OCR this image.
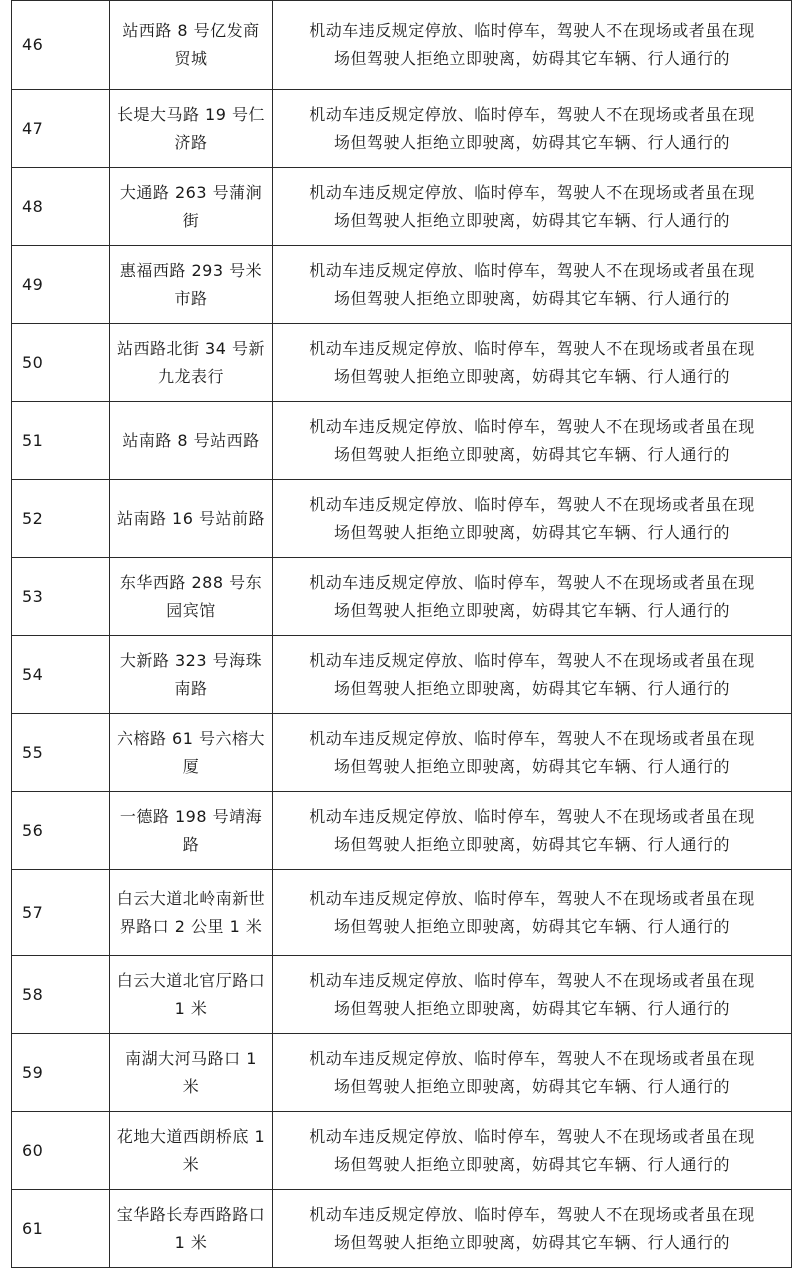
46	站西路 8 号亿发商贸城	机动车违反规定停放、临时停车，驾驶人不在现场或者虽在现
场但驾驶人拒绝立即驶离，妨碍其它车辆、行人通行的

47	长堤大马路 19 号仁济路	机动车违反规定停放、临时停车，驾驶人不在现场或者虽在现
场但驾驶人拒绝立即驶离，妨碍其它车辆、行人通行的

48	大通路 263 号蒲涧街	机动车违反规定停放、临时停车，驾驶人不在现场或者虽在现
场但驾驶人拒绝立即驶离，妨碍其它车辆、行人通行的

49	惠福西路 293 号米市路	机动车违反规定停放、临时停车，驾驶人不在现场或者虽在现
场但驾驶人拒绝立即驶离，妨碍其它车辆、行人通行的

50	站西路北街 34 号新九龙表行	机动车违反规定停放、临时停车，驾驶人不在现场或者虽在现
场但驾驶人拒绝立即驶离，妨碍其它车辆、行人通行的

51	站南路 8 号站西路	机动车违反规定停放、临时停车，驾驶人不在现场或者虽在现
场但驾驶人拒绝立即驶离，妨碍其它车辆、行人通行的

52	站南路 16 号站前路	机动车违反规定停放、临时停车，驾驶人不在现场或者虽在现
场但驾驶人拒绝立即驶离，妨碍其它车辆、行人通行的

53	东华西路 288 号东园宾馆	机动车违反规定停放、临时停车，驾驶人不在现场或者虽在现
场但驾驶人拒绝立即驶离，妨碍其它车辆、行人通行的

54	大新路 323 号海珠南路	机动车违反规定停放、临时停车，驾驶人不在现场或者虽在现
场但驾驶人拒绝立即驶离，妨碍其它车辆、行人通行的

55	六榕路 61 号六榕大厦	机动车违反规定停放、临时停车，驾驶人不在现场或者虽在现
场但驾驶人拒绝立即驶离，妨碍其它车辆、行人通行的

56	一德路 198 号靖海路	机动车违反规定停放、临时停车，驾驶人不在现场或者虽在现
场但驾驶人拒绝立即驶离，妨碍其它车辆、行人通行的

57	白云大道北岭南新世界路口 2 公里 1 米	机动车违反规定停放、临时停车，驾驶人不在现场或者虽在现
场但驾驶人拒绝立即驶离，妨碍其它车辆、行人通行的

58	白云大道北官厅路口 1 米	机动车违反规定停放、临时停车，驾驶人不在现场或者虽在现
场但驾驶人拒绝立即驶离，妨碍其它车辆、行人通行的

59	南湖大河马路口 1 米	机动车违反规定停放、临时停车，驾驶人不在现场或者虽在现
场但驾驶人拒绝立即驶离，妨碍其它车辆、行人通行的

60	花地大道西朗桥底 1 米	机动车违反规定停放、临时停车，驾驶人不在现场或者虽在现
场但驾驶人拒绝立即驶离，妨碍其它车辆、行人通行的

61	宝华路长寿西路路口 1 米	机动车违反规定停放、临时停车，驾驶人不在现场或者虽在现
场但驾驶人拒绝立即驶离，妨碍其它车辆、行人通行的
